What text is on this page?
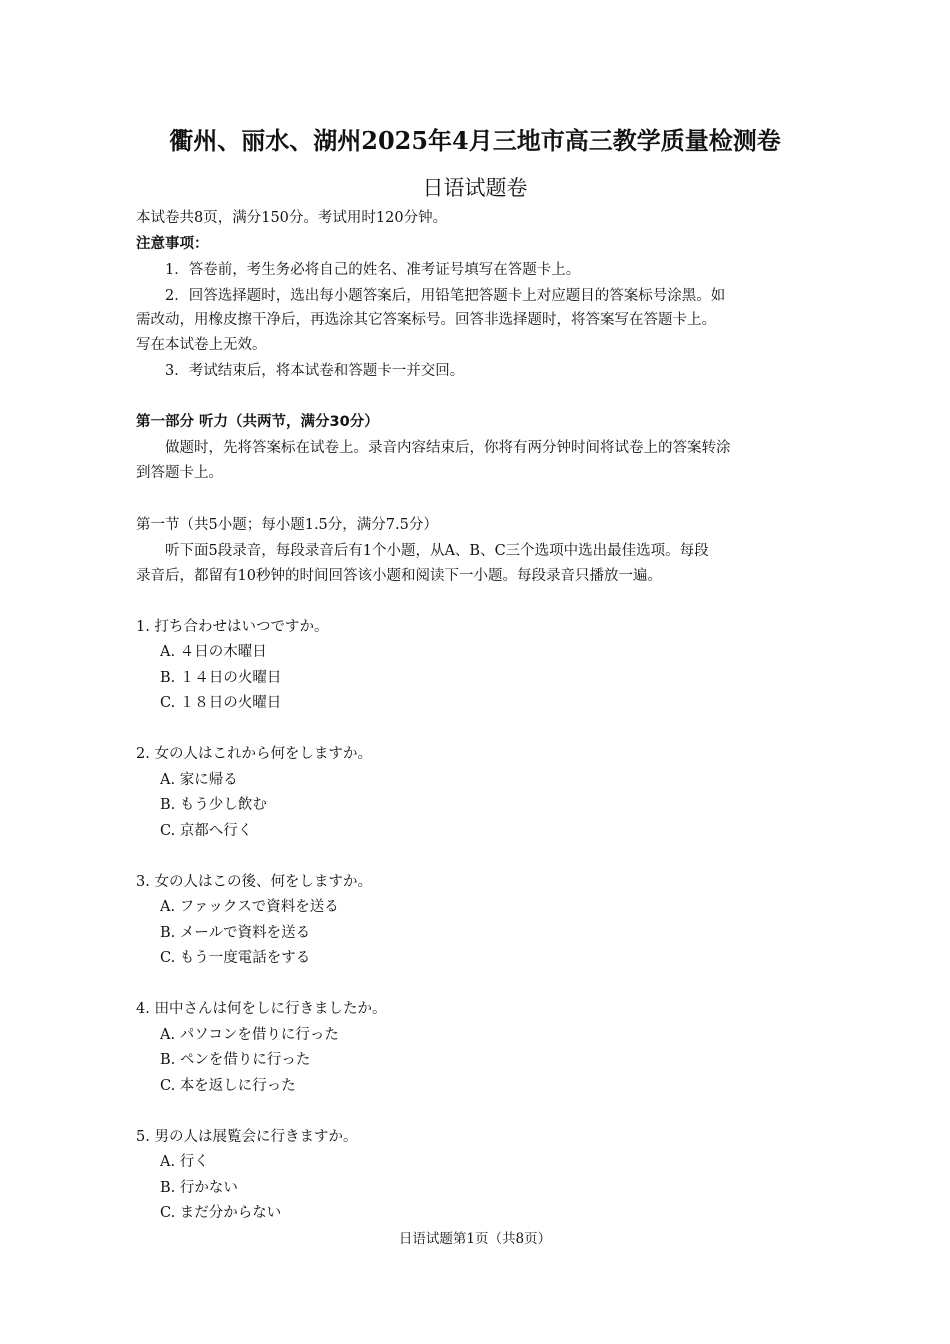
衢州、丽水、湖州2025年4月三地市高三教学质量检测卷
日语试题卷
本试卷共8页，满分150分。考试用时120分钟。
注意事项：
1．答卷前，考生务必将自己的姓名、准考证号填写在答题卡上。
2．回答选择题时，选出每小题答案后，用铅笔把答题卡上对应题目的答案标号涂黑。如
需改动，用橡皮擦干净后，再选涂其它答案标号。回答非选择题时，将答案写在答题卡上。
写在本试卷上无效。
3．考试结束后，将本试卷和答题卡一并交回。
第一部分 听力（共两节，满分30分）
做题时，先将答案标在试卷上。录音内容结束后，你将有两分钟时间将试卷上的答案转涂
到答题卡上。
第一节（共5小题；每小题1.5分，满分7.5分）
听下面5段录音，每段录音后有1个小题，从A、B、C三个选项中选出最佳选项。每段
录音后，都留有10秒钟的时间回答该小题和阅读下一小题。每段录音只播放一遍。
1. 打ち合わせはいつですか。
A. ４日の木曜日
B. １４日の火曜日
C. １８日の火曜日
2. 女の人はこれから何をしますか。
A. 家に帰る
B. もう少し飲む
C. 京都へ行く
3. 女の人はこの後、何をしますか。
A. ファックスで資料を送る
B. メールで資料を送る
C. もう一度電話をする
4. 田中さんは何をしに行きましたか。
A. パソコンを借りに行った
B. ペンを借りに行った
C. 本を返しに行った
5. 男の人は展覧会に行きますか。
A. 行く
B. 行かない
C. まだ分からない
日语试题第1页（共8页）
